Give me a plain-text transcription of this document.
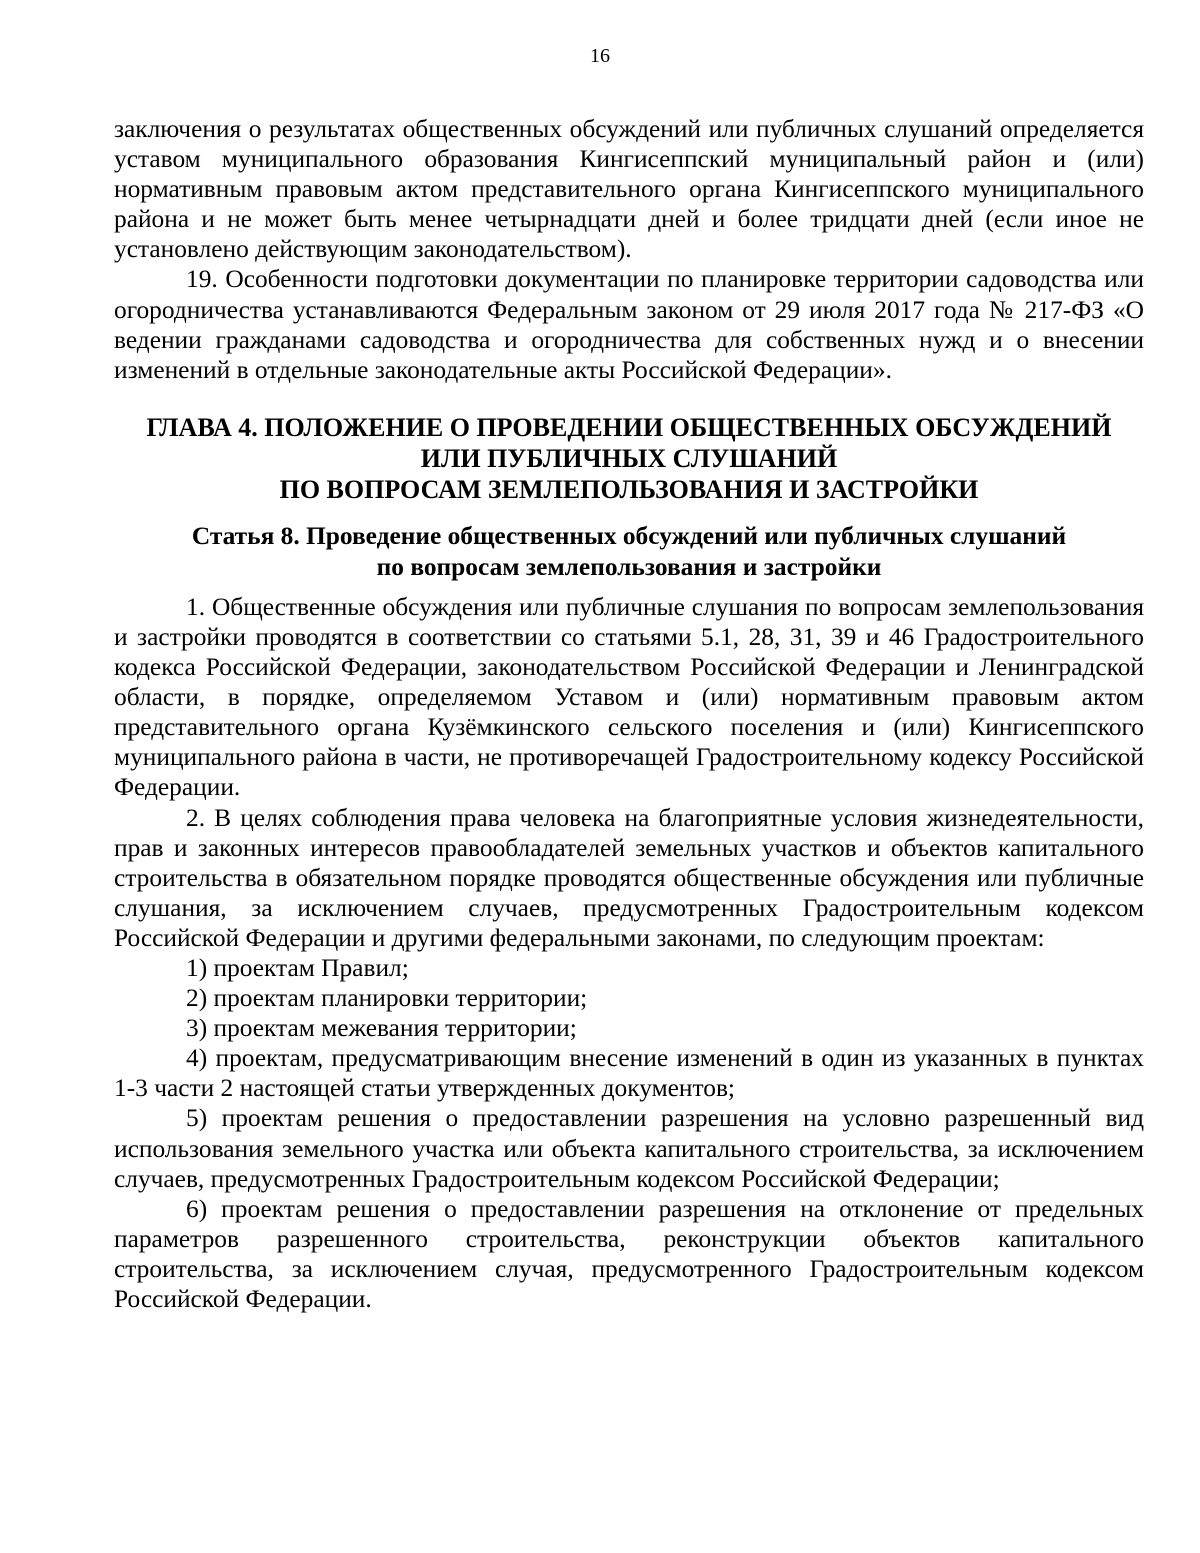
16

заключения о результатах общественных обсуждений или публичных слушаний определяется уставом муниципального образования Кингисеппский муниципальный район и (или) нормативным правовым актом представительного органа Кингисеппского муниципального района и не может быть менее четырнадцати дней и более тридцати дней (если иное не установлено действующим законодательством).

19. Особенности подготовки документации по планировке территории садоводства или огородничества устанавливаются Федеральным законом от 29 июля 2017 года № 217-ФЗ «О ведении гражданами садоводства и огородничества для собственных нужд и о внесении изменений в отдельные законодательные акты Российской Федерации».

ГЛАВА 4. ПОЛОЖЕНИЕ О ПРОВЕДЕНИИ ОБЩЕСТВЕННЫХ ОБСУЖДЕНИЙ
ИЛИ ПУБЛИЧНЫХ СЛУШАНИЙ
ПО ВОПРОСАМ ЗЕМЛЕПОЛЬЗОВАНИЯ И ЗАСТРОЙКИ
Статья 8. Проведение общественных обсуждений или публичных слушаний
по вопросам землепользования и застройки

1. Общественные обсуждения или публичные слушания по вопросам землепользования и застройки проводятся в соответствии со статьями 5.1, 28, 31, 39 и 46 Градостроительного кодекса Российской Федерации, законодательством Российской Федерации и Ленинградской области, в порядке, определяемом Уставом и (или) нормативным правовым актом представительного органа Кузёмкинского сельского поселения и (или) Кингисеппского муниципального района в части, не противоречащей Градостроительному кодексу Российской Федерации.

2. В целях соблюдения права человека на благоприятные условия жизнедеятельности, прав и законных интересов правообладателей земельных участков и объектов капитального строительства в обязательном порядке проводятся общественные обсуждения или публичные слушания, за исключением случаев, предусмотренных Градостроительным кодексом Российской Федерации и другими федеральными законами, по следующим проектам:

1) проектам Правил;

2) проектам планировки территории;

3) проектам межевания территории;

4) проектам, предусматривающим внесение изменений в один из указанных в пунктах 1-3 части 2 настоящей статьи утвержденных документов;

5) проектам решения о предоставлении разрешения на условно разрешенный вид использования земельного участка или объекта капитального строительства, за исключением случаев, предусмотренных Градостроительным кодексом Российской Федерации;

6) проектам решения о предоставлении разрешения на отклонение от предельных параметров разрешенного строительства, реконструкции объектов капитального строительства, за исключением случая, предусмотренного Градостроительным кодексом Российской Федерации.
